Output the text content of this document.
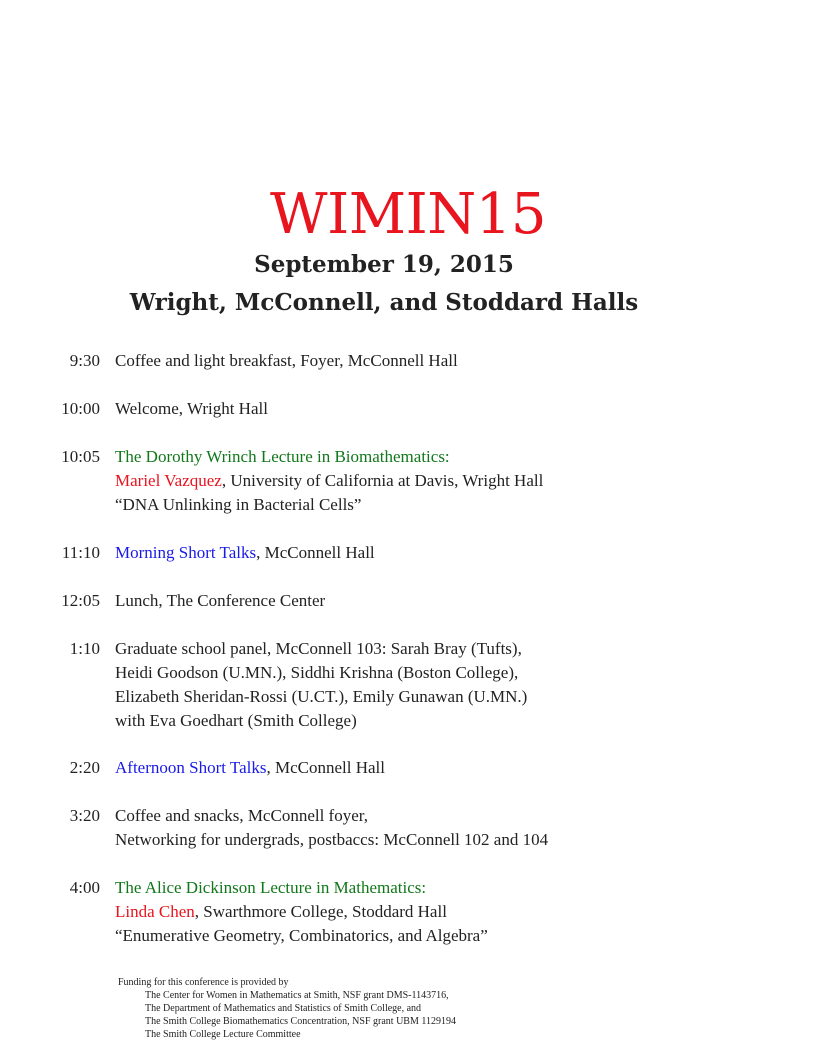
WIMIN15
September 19, 2015
Wright, McConnell, and Stoddard Halls
9:30 Coffee and light breakfast, Foyer, McConnell Hall
10:00 Welcome, Wright Hall
10:05 The Dorothy Wrinch Lecture in Biomathematics:
Mariel Vazquez, University of California at Davis, Wright Hall
“DNA Unlinking in Bacterial Cells”
11:10 Morning Short Talks, McConnell Hall
12:05 Lunch, The Conference Center
1:10 Graduate school panel, McConnell 103: Sarah Bray (Tufts),
Heidi Goodson (U.MN.), Siddhi Krishna (Boston College),
Elizabeth Sheridan-Rossi (U.CT.), Emily Gunawan (U.MN.)
with Eva Goedhart (Smith College)
2:20 Afternoon Short Talks, McConnell Hall
3:20 Coffee and snacks, McConnell foyer,
Networking for undergrads, postbaccs: McConnell 102 and 104
4:00 The Alice Dickinson Lecture in Mathematics:
Linda Chen, Swarthmore College, Stoddard Hall
“Enumerative Geometry, Combinatorics, and Algebra”
Funding for this conference is provided by
The Center for Women in Mathematics at Smith, NSF grant DMS-1143716,
The Department of Mathematics and Statistics of Smith College, and
The Smith College Biomathematics Concentration, NSF grant UBM 1129194
The Smith College Lecture Committee
